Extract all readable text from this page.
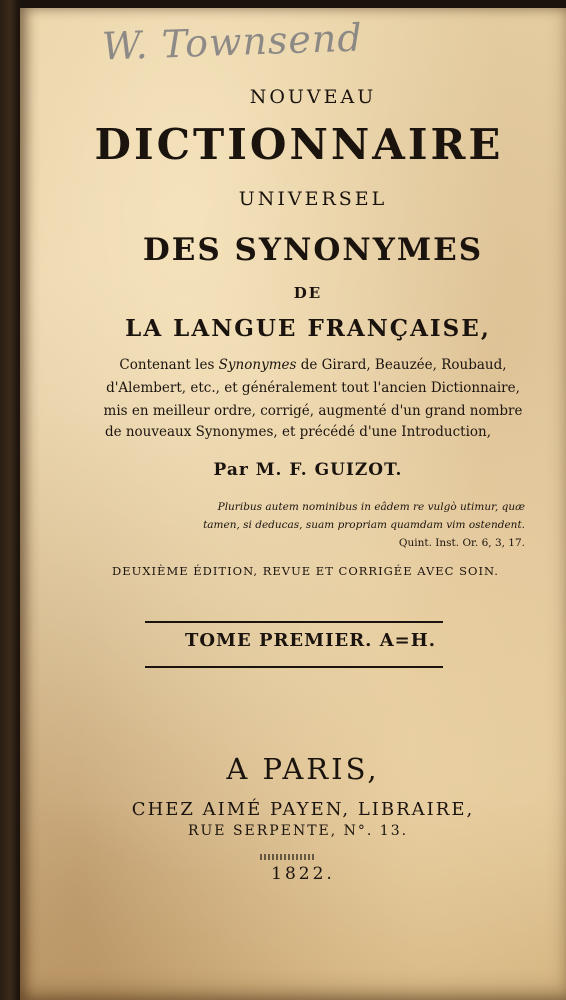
W. Townsend
NOUVEAU
DICTIONNAIRE
UNIVERSEL
DES SYNONYMES
DE
LA LANGUE FRANÇAISE,
Contenant les Synonymes de Girard, Beauzée, Roubaud,
d'Alembert, etc., et généralement tout l'ancien Dictionnaire,
mis en meilleur ordre, corrigé, augmenté d'un grand nombre
de nouveaux Synonymes, et précédé d'une Introduction,
Par M. F. GUIZOT.
Pluribus autem nominibus in eâdem re vulgò utimur, quæ
tamen, si deducas, suam propriam quamdam vim ostendent.
Quint. Inst. Or. 6, 3, 17.
DEUXIÈME ÉDITION, REVUE ET CORRIGÉE AVEC SOIN.
TOME PREMIER. A=H.
A PARIS,
CHEZ AIMÉ PAYEN, LIBRAIRE,
RUE SERPENTE, N°. 13.
1822.
